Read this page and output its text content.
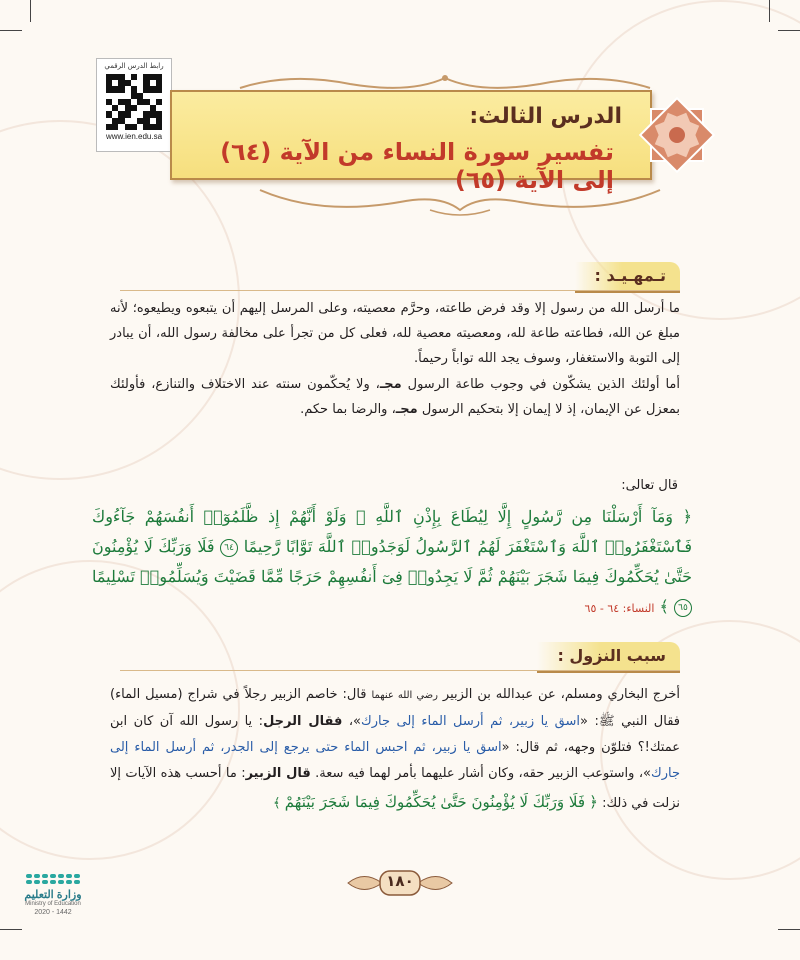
رابط الدرس الرقمي
www.ien.edu.sa
الدرس الثالث:
تفسير سورة النساء من الآية (٦٤) إلى الآية (٦٥)
تـمهـيـد :
ما أرسل الله من رسول إلا وقد فرض طاعته، وحرَّم معصيته، وعلى المرسل إليهم أن يتبعوه ويطيعوه؛ لأنه مبلغ عن الله، فطاعته طاعة لله، ومعصيته معصية لله، فعلى كل من تجرأ على مخالفة رسول الله، أن يبادر إلى التوبة والاستغفار، وسوف يجد الله تواباً رحيماً.
أما أولئك الذين يشكّون في وجوب طاعة الرسول مجـ، ولا يُحكّمون سنته عند الاختلاف والتنازع، فأولئك بمعزل عن الإيمان، إذ لا إيمان إلا بتحكيم الرسول مجـ، والرضا بما حكم.
قال تعالى:
﴿ وَمَآ أَرْسَلْنَا مِن رَّسُولٍ إِلَّا لِيُطَاعَ بِإِذْنِ ٱللَّهِ ۚ وَلَوْ أَنَّهُمْ إِذ ظَّلَمُوٓا۟ أَنفُسَهُمْ جَآءُوكَ فَٱسْتَغْفَرُوا۟ ٱللَّهَ وَٱسْتَغْفَرَ لَهُمُ ٱلرَّسُولُ لَوَجَدُوا۟ ٱللَّهَ تَوَّابًا رَّحِيمًا ٦٤ فَلَا وَرَبِّكَ لَا يُؤْمِنُونَ حَتَّىٰ يُحَكِّمُوكَ فِيمَا شَجَرَ بَيْنَهُمْ ثُمَّ لَا يَجِدُوا۟ فِىٓ أَنفُسِهِمْ حَرَجًا مِّمَّا قَضَيْتَ وَيُسَلِّمُوا۟ تَسْلِيمًا ٦٥ ﴾ النساء: ٦٤ - ٦٥
سبب النزول :
أخرج البخاري ومسلم، عن عبدالله بن الزبير رضي الله عنهما قال: خاصم الزبير رجلاً في شراج (مسيل الماء) فقال النبي ﷺ: «اسق يا زبير، ثم أرسل الماء إلى جارك»، فقال الرجل: يا رسول الله آن كان ابن عمتك!؟ فتلوّن وجهه، ثم قال: «اسق يا زبير، ثم احبس الماء حتى يرجع إلى الجدر، ثم أرسل الماء إلى جارك»، واستوعب الزبير حقه، وكان أشار عليهما بأمر لهما فيه سعة. قال الزبير: ما أحسب هذه الآيات إلا نزلت في ذلك: ﴿ فَلَا وَرَبِّكَ لَا يُؤْمِنُونَ حَتَّىٰ يُحَكِّمُوكَ فِيمَا شَجَرَ بَيْنَهُمْ ﴾
١٨٠
وزارة التعليم
Ministry of Education
2020 - 1442
